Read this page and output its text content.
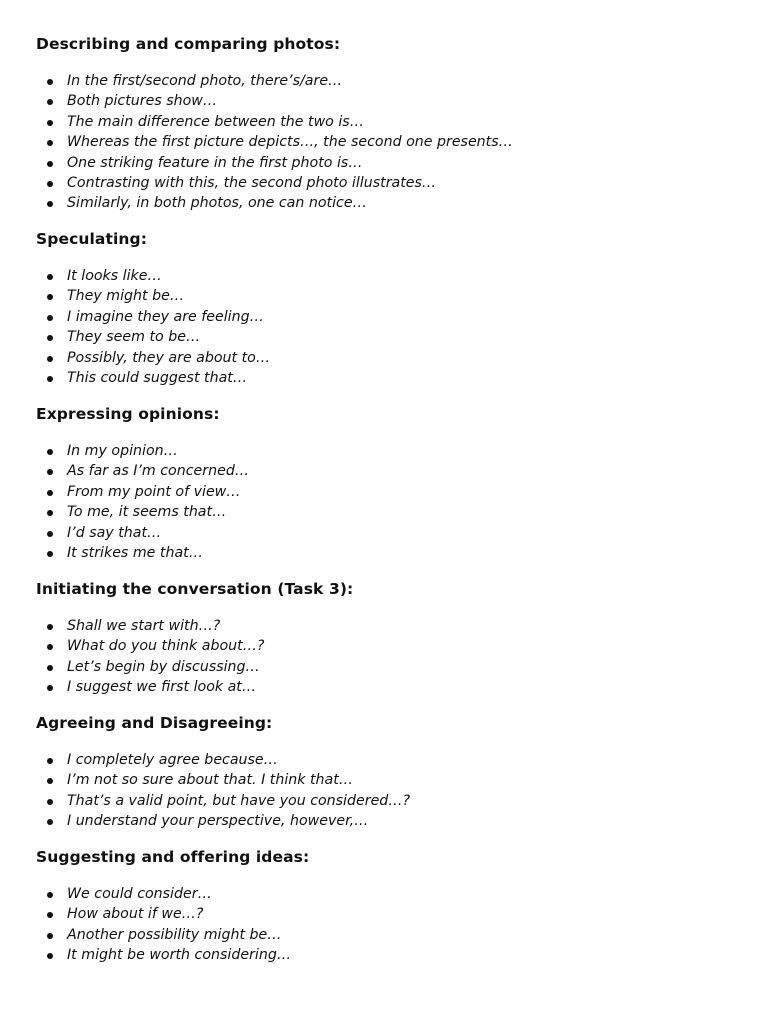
Describing and comparing photos:
In the first/second photo, there’s/are…
Both pictures show…
The main difference between the two is…
Whereas the first picture depicts…, the second one presents…
One striking feature in the first photo is…
Contrasting with this, the second photo illustrates…
Similarly, in both photos, one can notice…
Speculating:
It looks like…
They might be…
I imagine they are feeling…
They seem to be…
Possibly, they are about to…
This could suggest that…
Expressing opinions:
In my opinion…
As far as I’m concerned…
From my point of view…
To me, it seems that…
I’d say that…
It strikes me that…
Initiating the conversation (Task 3):
Shall we start with…?
What do you think about…?
Let’s begin by discussing…
I suggest we first look at…
Agreeing and Disagreeing:
I completely agree because…
I’m not so sure about that. I think that…
That’s a valid point, but have you considered…?
I understand your perspective, however,…
Suggesting and offering ideas:
We could consider…
How about if we…?
Another possibility might be…
It might be worth considering…
